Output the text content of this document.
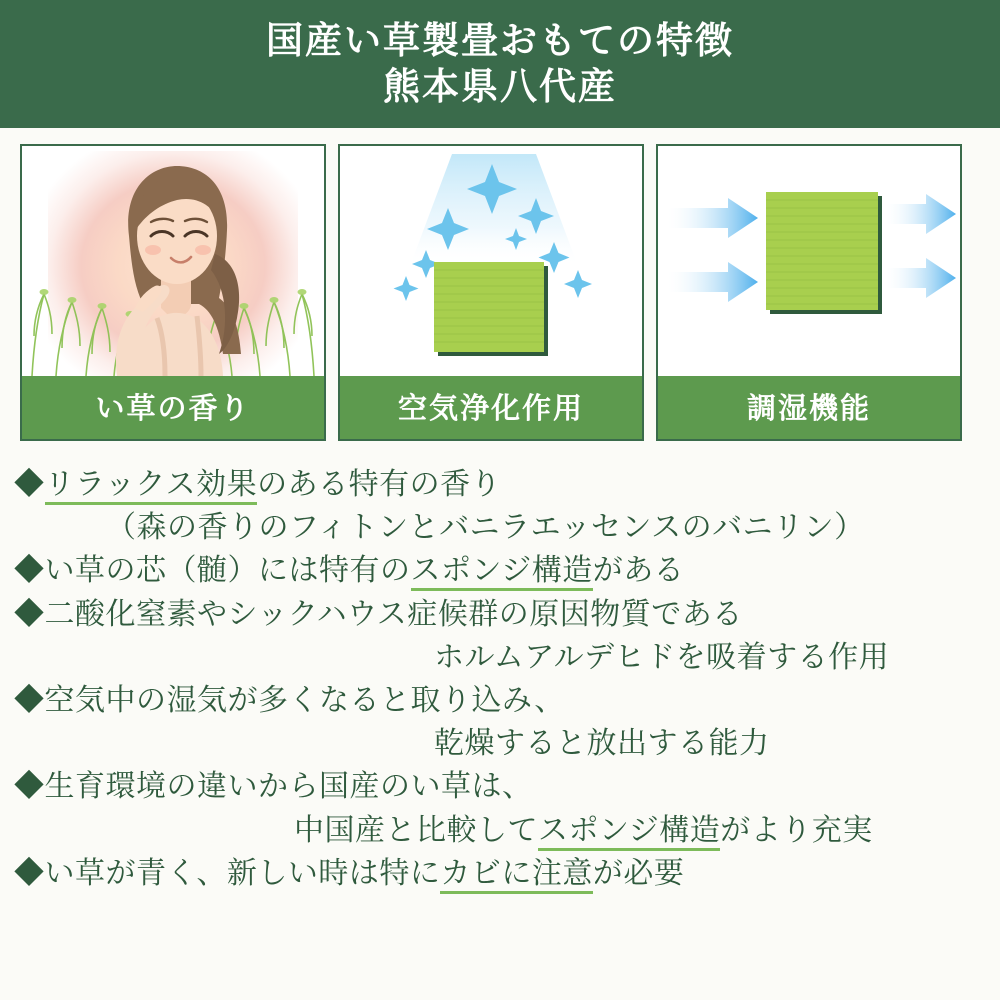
国産い草製畳おもての特徴
熊本県八代産
い草の香り	空気浄化作用	調湿機能
◆リラックス効果のある特有の香り
（森の香りのフィトンとバニラエッセンスのバニリン）
◆い草の芯（髄）には特有のスポンジ構造がある
◆二酸化窒素やシックハウス症候群の原因物質である
ホルムアルデヒドを吸着する作用
◆空気中の湿気が多くなると取り込み、
乾燥すると放出する能力
◆生育環境の違いから国産のい草は、
中国産と比較してスポンジ構造がより充実
◆い草が青く、新しい時は特にカビに注意が必要
